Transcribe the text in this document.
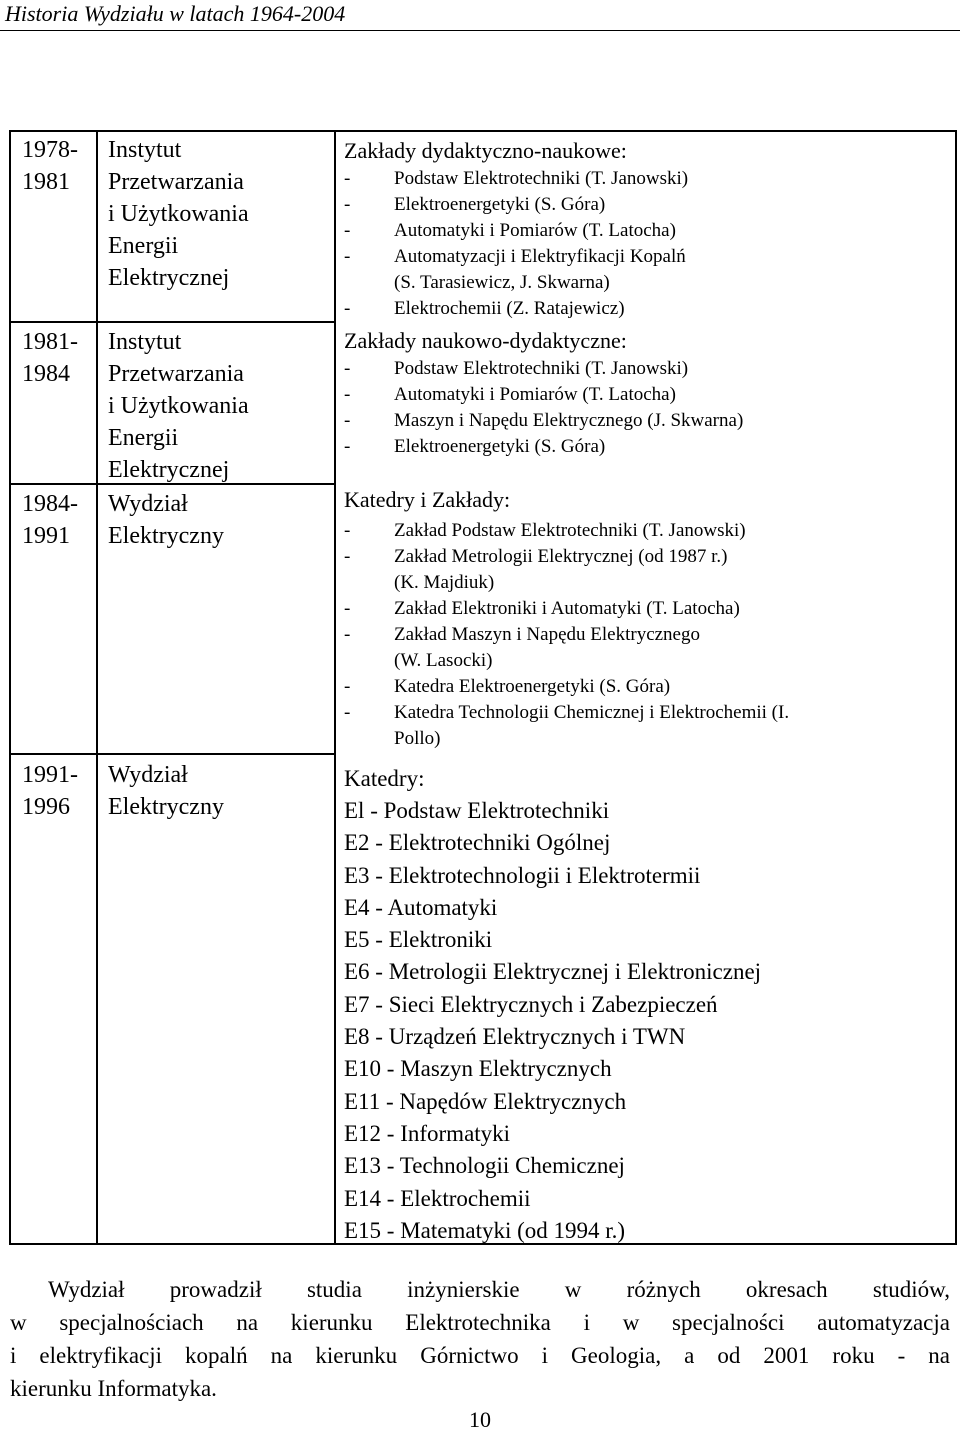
Historia Wydziału w latach 1964-2004
1978-
1981
1981-
1984
1984-
1991
1991-
1996
Instytut
Przetwarzania
i Użytkowania
Energii
Elektrycznej
Instytut
Przetwarzania
i Użytkowania
Energii
Elektrycznej
Wydział
Elektryczny
Wydział
Elektryczny
Zakłady dydaktyczno-naukowe:
- Podstaw Elektrotechniki (T. Janowski)
- Elektroenergetyki (S. Góra)
- Automatyki i Pomiarów (T. Latocha)
- Automatyzacji i Elektryfikacji Kopalń
(S. Tarasiewicz, J. Skwarna)
- Elektrochemii (Z. Ratajewicz)
Zakłady naukowo-dydaktyczne:
- Podstaw Elektrotechniki (T. Janowski)
- Automatyki i Pomiarów (T. Latocha)
- Maszyn i Napędu Elektrycznego (J. Skwarna)
- Elektroenergetyki (S. Góra)
Katedry i Zakłady:
- Zakład Podstaw Elektrotechniki (T. Janowski)
- Zakład Metrologii Elektrycznej (od 1987 r.)
(K. Majdiuk)
- Zakład Elektroniki i Automatyki (T. Latocha)
- Zakład Maszyn i Napędu Elektrycznego
(W. Lasocki)
- Katedra Elektroenergetyki (S. Góra)
- Katedra Technologii Chemicznej i Elektrochemii (I.
Pollo)
Katedry:
El - Podstaw Elektrotechniki
E2 - Elektrotechniki Ogólnej
E3 - Elektrotechnologii i Elektrotermii
E4 - Automatyki
E5 - Elektroniki
E6 - Metrologii Elektrycznej i Elektronicznej
E7 - Sieci Elektrycznych i Zabezpieczeń
E8 - Urządzeń Elektrycznych i TWN
E10 - Maszyn Elektrycznych
E11 - Napędów Elektrycznych
E12 - Informatyki
E13 - Technologii Chemicznej
E14 - Elektrochemii
E15 - Matematyki (od 1994 r.)
Wydział prowadził studia inżynierskie w różnych okresach studiów,
w specjalnościach na kierunku Elektrotechnika i w specjalności automatyzacja
i elektryfikacji kopalń na kierunku Górnictwo i Geologia, a od 2001 roku - na
kierunku Informatyka.
10
